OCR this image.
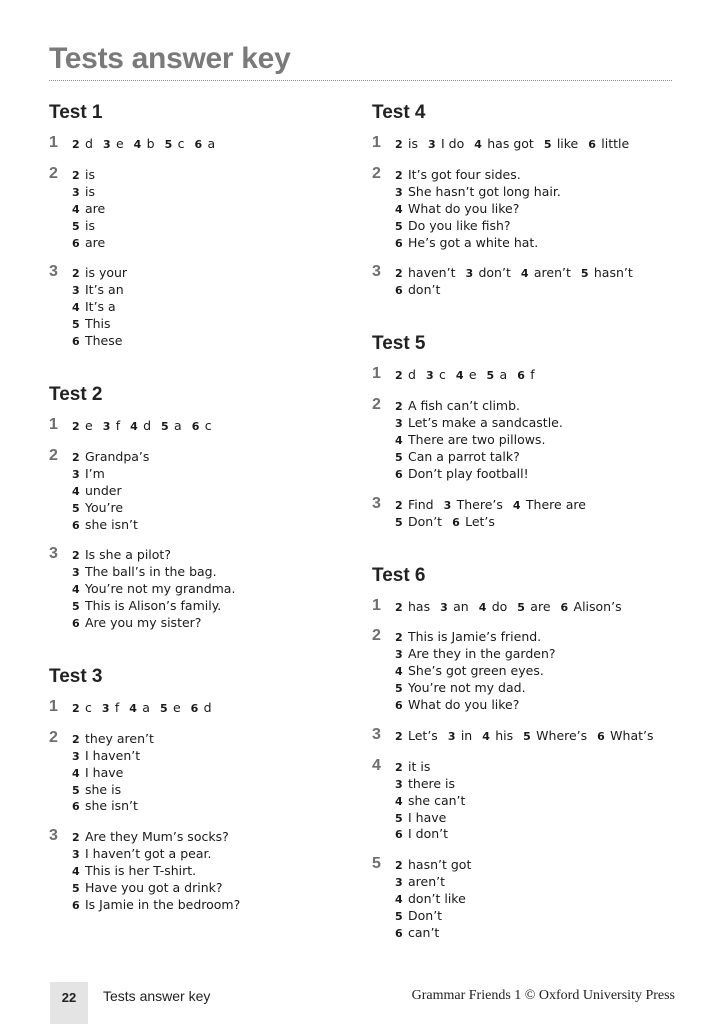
Tests answer key
Test 1
1 2 d 3 e 4 b 5 c 6 a
2 2 is
3 is
4 are
5 is
6 are
3 2 is your
3 It’s an
4 It’s a
5 This
6 These
Test 2
1 2 e 3 f 4 d 5 a 6 c
2 2 Grandpa’s
3 I’m
4 under
5 You’re
6 she isn’t
3 2 Is she a pilot?
3 The ball’s in the bag.
4 You’re not my grandma.
5 This is Alison’s family.
6 Are you my sister?
Test 3
1 2 c 3 f 4 a 5 e 6 d
2 2 they aren’t
3 I haven’t
4 I have
5 she is
6 she isn’t
3 2 Are they Mum’s socks?
3 I haven’t got a pear.
4 This is her T-shirt.
5 Have you got a drink?
6 Is Jamie in the bedroom?
Test 4
1 2 is 3 I do 4 has got 5 like 6 little
2 2 It’s got four sides.
3 She hasn’t got long hair.
4 What do you like?
5 Do you like fish?
6 He’s got a white hat.
3 2 haven’t 3 don’t 4 aren’t 5 hasn’t
6 don’t
Test 5
1 2 d 3 c 4 e 5 a 6 f
2 2 A fish can’t climb.
3 Let’s make a sandcastle.
4 There are two pillows.
5 Can a parrot talk?
6 Don’t play football!
3 2 Find 3 There’s 4 There are
5 Don’t 6 Let’s
Test 6
1 2 has 3 an 4 do 5 are 6 Alison’s
2 2 This is Jamie’s friend.
3 Are they in the garden?
4 She’s got green eyes.
5 You’re not my dad.
6 What do you like?
3 2 Let’s 3 in 4 his 5 Where’s 6 What’s
4 2 it is
3 there is
4 she can’t
5 I have
6 I don’t
5 2 hasn’t got
3 aren’t
4 don’t like
5 Don’t
6 can’t
22	Tests answer key	Grammar Friends 1 © Oxford University Press
